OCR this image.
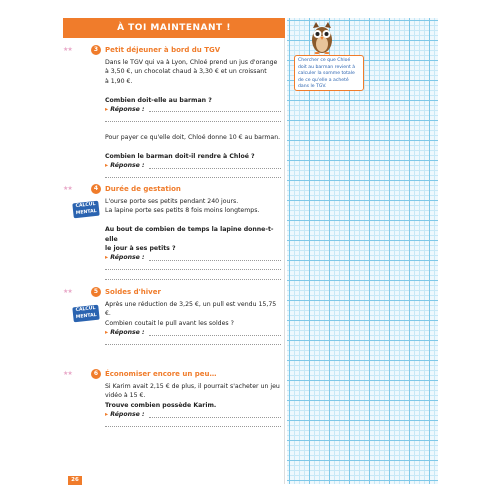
À TOI MAINTENANT !
★★	3 Petit déjeuner à bord du TGV
Dans le TGV qui va à Lyon, Chloé prend un jus d'orange
à 3,50 €, un chocolat chaud à 3,30 € et un croissant
à 1,90 €.
Combien doit-elle au barman ?
▸ Réponse :
Pour payer ce qu'elle doit, Chloé donne 10 € au barman.
Combien le barman doit-il rendre à Chloé ?
▸ Réponse :
★★	4 Durée de gestation
L'ourse porte ses petits pendant 240 jours.
La lapine porte ses petits 8 fois moins longtemps.
Au bout de combien de temps la lapine donne-t-elle
le jour à ses petits ?
▸ Réponse :
CALCUL
MENTAL
★★	5 Soldes d'hiver
Après une réduction de 3,25 €, un pull est vendu 15,75 €.
Combien coutait le pull avant les soldes ?
▸ Réponse :
CALCUL
MENTAL
★★	6 Économiser encore un peu…
Si Karim avait 2,15 € de plus, il pourrait s'acheter un jeu
vidéo à 15 €.
Trouve combien possède Karim.
▸ Réponse :
26
Chercher ce que Chloé doit au barman revient à calculer la somme totale de ce qu'elle a acheté dans le TGV.
